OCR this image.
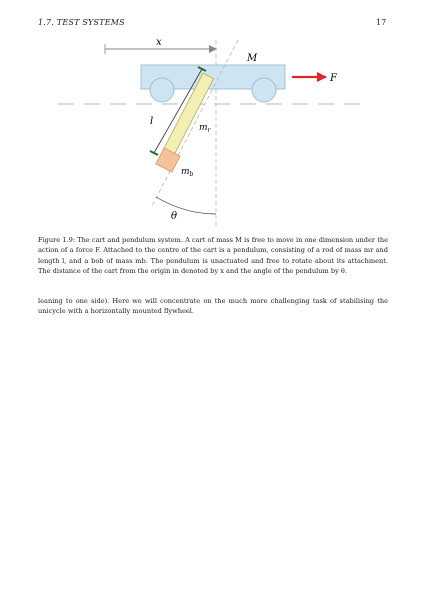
1.7. TEST SYSTEMS	17
x
M
F
l
$m_r$
$m_b$
θ
Figure 1.9: The cart and pendulum system. A cart of mass M is free to move in one dimension under the action of a force F. Attached to the centre of the cart is a pendulum, consisting of a rod of mass mr and length l, and a bob of mass mb. The pendulum is unactuated and free to rotate about its attachment. The distance of the cart from the origin in denoted by x and the angle of the pendulum by θ.
leaning to one side). Here we will concentrate on the much more challenging task of stabilising the unicycle with a horizontally mounted flywheel.
